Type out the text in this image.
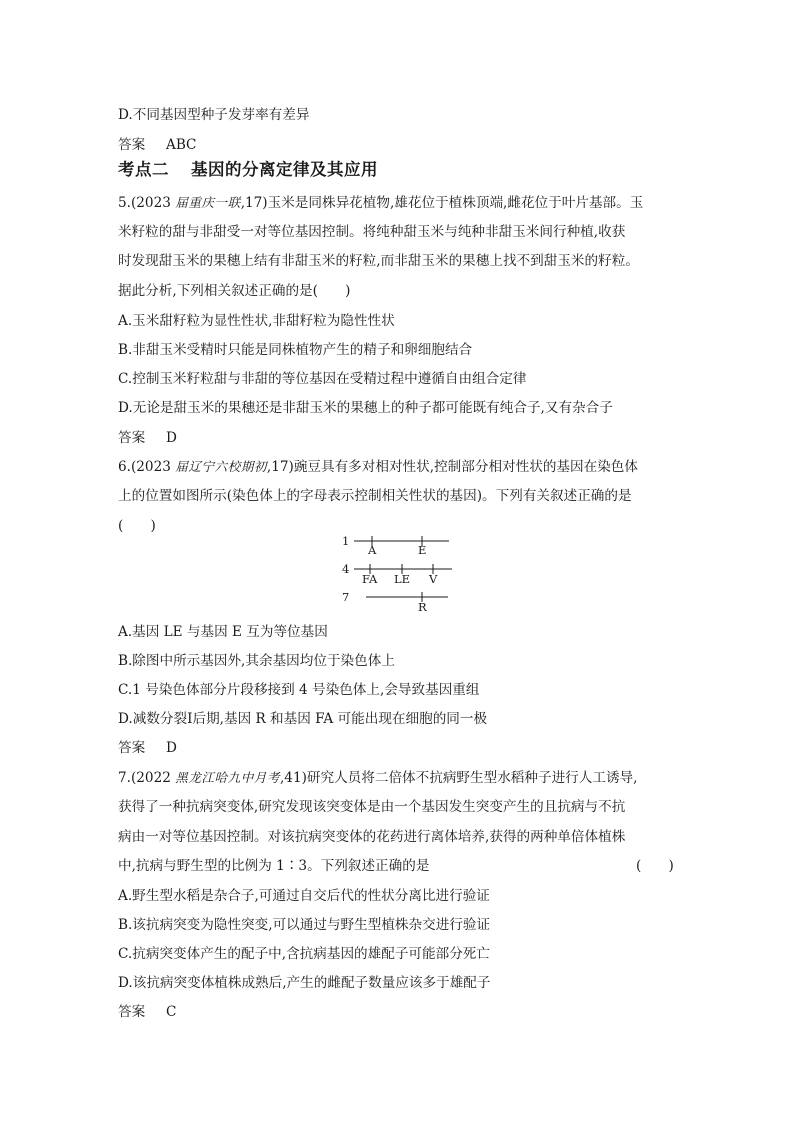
D.不同基因型种子发芽率有差异
答案 ABC
考点二 基因的分离定律及其应用
5.(2023 届重庆一联,17)玉米是同株异花植物,雄花位于植株顶端,雌花位于叶片基部。玉
米籽粒的甜与非甜受一对等位基因控制。将纯种甜玉米与纯种非甜玉米间行种植,收获
时发现甜玉米的果穗上结有非甜玉米的籽粒,而非甜玉米的果穗上找不到甜玉米的籽粒。
据此分析,下列相关叙述正确的是(　　)
A.玉米甜籽粒为显性性状,非甜籽粒为隐性性状
B.非甜玉米受精时只能是同株植物产生的精子和卵细胞结合
C.控制玉米籽粒甜与非甜的等位基因在受精过程中遵循自由组合定律
D.无论是甜玉米的果穗还是非甜玉米的果穗上的种子都可能既有纯合子,又有杂合子
答案 D
6.(2023 届辽宁六校期初,17)豌豆具有多对相对性状,控制部分相对性状的基因在染色体
上的位置如图所示(染色体上的字母表示控制相关性状的基因)。下列有关叙述正确的是
(　　)
1
A	E
4
FA LE V
7
R
A.基因 LE 与基因 E 互为等位基因
B.除图中所示基因外,其余基因均位于染色体上
C.1 号染色体部分片段移接到 4 号染色体上,会导致基因重组
D.减数分裂Ⅰ后期,基因 R 和基因 FA 可能出现在细胞的同一极
答案 D
7.(2022 黑龙江哈九中月考,41)研究人员将二倍体不抗病野生型水稻种子进行人工诱导,
获得了一种抗病突变体,研究发现该突变体是由一个基因发生突变产生的且抗病与不抗
病由一对等位基因控制。对该抗病突变体的花药进行离体培养,获得的两种单倍体植株
中,抗病与野生型的比例为 1∶3。下列叙述正确的是	(　　)
A.野生型水稻是杂合子,可通过自交后代的性状分离比进行验证
B.该抗病突变为隐性突变,可以通过与野生型植株杂交进行验证
C.抗病突变体产生的配子中,含抗病基因的雄配子可能部分死亡
D.该抗病突变体植株成熟后,产生的雌配子数量应该多于雄配子
答案 C
